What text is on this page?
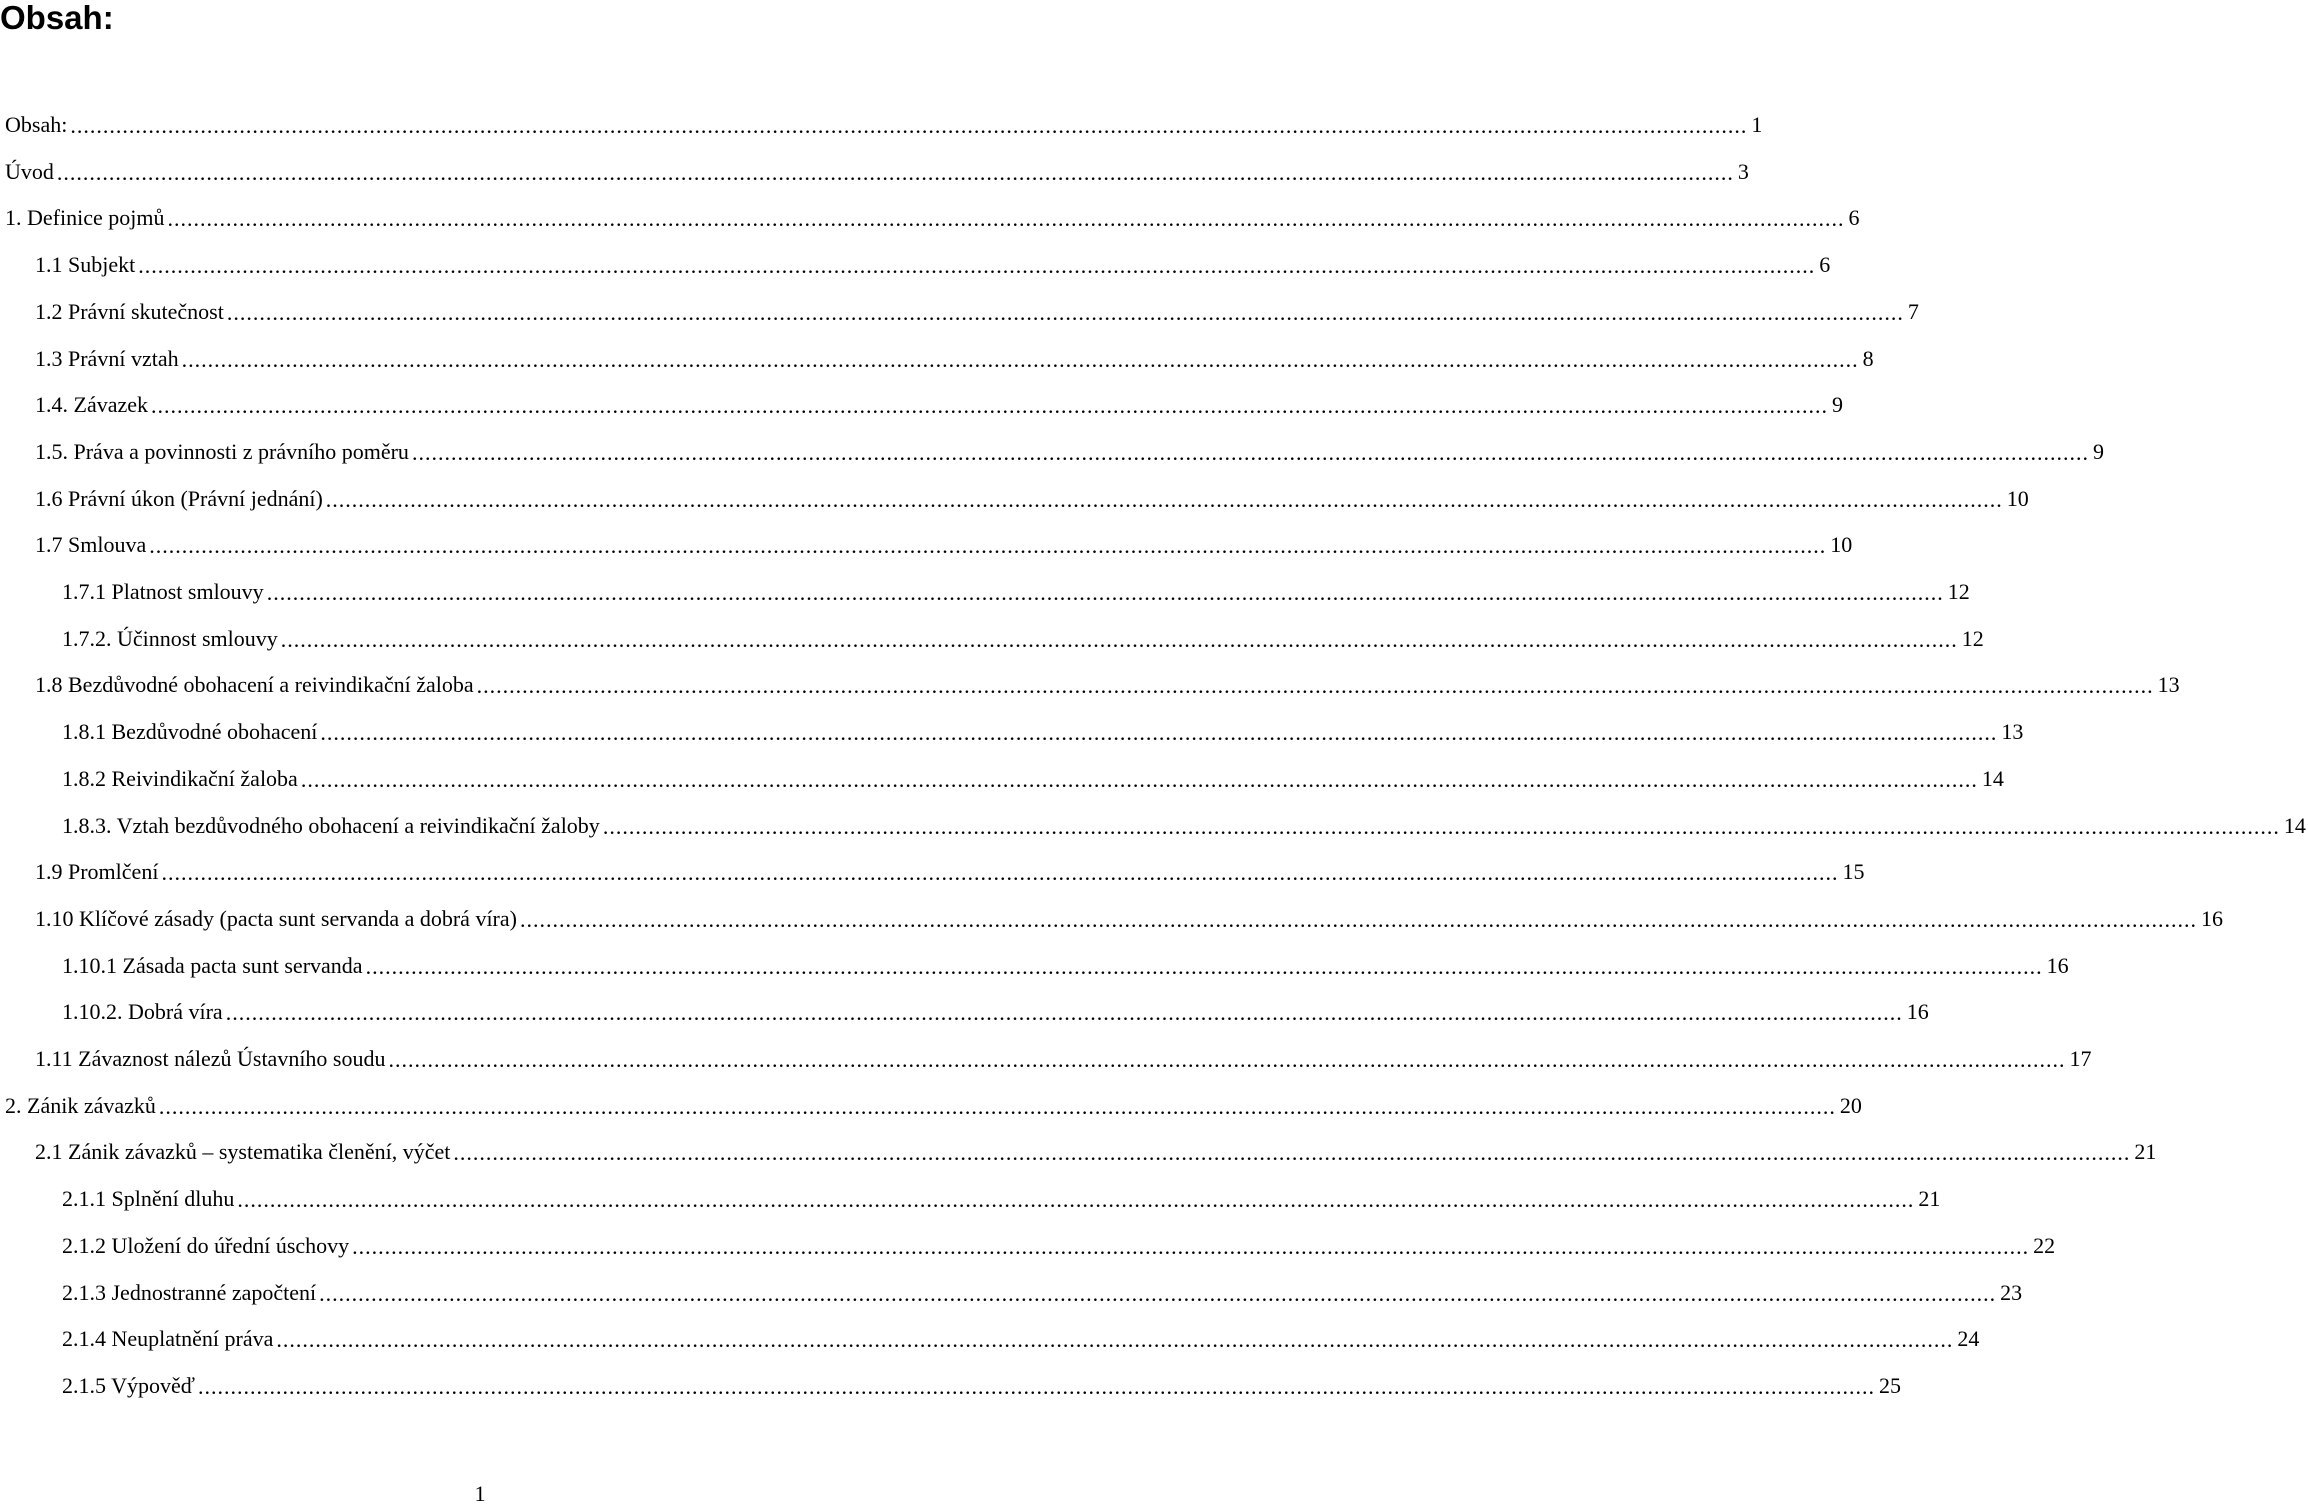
Obsah:
Obsah: .....	1
Úvod .....	3
1. Definice pojmů .....	6
1.1 Subjekt .....	6
1.2 Právní skutečnost .....	7
1.3 Právní vztah .....	8
1.4. Závazek .....	9
1.5. Práva a povinnosti z právního poměru .....	9
1.6 Právní úkon (Právní jednání) .....	10
1.7 Smlouva .....	10
1.7.1 Platnost smlouvy .....	12
1.7.2. Účinnost smlouvy .....	12
1.8 Bezdůvodné obohacení a reivindikační žaloba .....	13
1.8.1 Bezdůvodné obohacení .....	13
1.8.2 Reivindikační žaloba .....	14
1.8.3. Vztah bezdůvodného obohacení a reivindikační žaloby .....	14
1.9 Promlčení .....	15
1.10 Klíčové zásady (pacta sunt servanda a dobrá víra) .....	16
1.10.1 Zásada pacta sunt servanda .....	16
1.10.2. Dobrá víra .....	16
1.11 Závaznost nálezů Ústavního soudu .....	17
2. Zánik závazků .....	20
2.1 Zánik závazků – systematika členění, výčet .....	21
2.1.1 Splnění dluhu .....	21
2.1.2 Uložení do úřední úschovy .....	22
2.1.3 Jednostranné započtení .....	23
2.1.4 Neuplatnění práva .....	24
2.1.5 Výpověď .....	25
1
